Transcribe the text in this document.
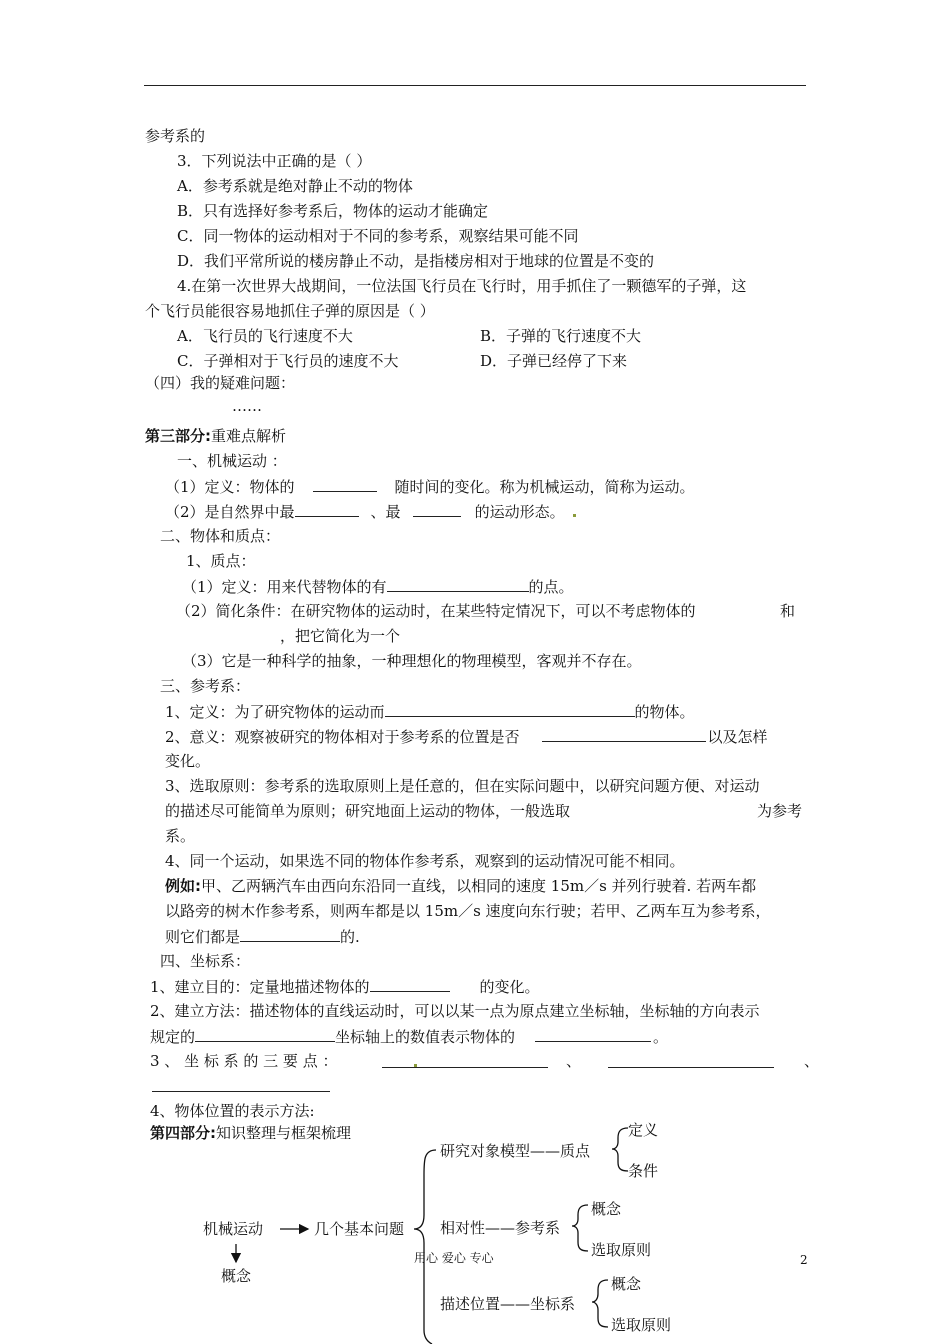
参考系的
3．下列说法中正确的是（ ）
A．参考系就是绝对静止不动的物体
B．只有选择好参考系后，物体的运动才能确定
C．同一物体的运动相对于不同的参考系，观察结果可能不同
D．我们平常所说的楼房静止不动，是指楼房相对于地球的位置是不变的
4.在第一次世界大战期间，一位法国飞行员在飞行时，用手抓住了一颗德军的子弹，这
个飞行员能很容易地抓住子弹的原因是（ ）
A．飞行员的飞行速度不大	B．子弹的飞行速度不大
C．子弹相对于飞行员的速度不大	D．子弹已经停了下来
（四）我的疑难问题：
……
第三部分:重难点解析
一、机械运动 ：
（1）定义：物体的	随时间的变化。称为机械运动，简称为运动。
（2）是自然界中最	、最	的运动形态。
二、物体和质点：
1、质点：
（1）定义：用来代替物体的有	的点。
（2）简化条件：在研究物体的运动时，在某些特定情况下，可以不考虑物体的	和
，把它简化为一个
（3）它是一种科学的抽象，一种理想化的物理模型，客观并不存在。
三、参考系：
1、定义：为了研究物体的运动而	的物体。
2、意义：观察被研究的物体相对于参考系的位置是否	以及怎样
变化。
3、选取原则：参考系的选取原则上是任意的，但在实际问题中，以研究问题方便、对运动
的描述尽可能简单为原则；研究地面上运动的物体，一般选取	为参考
系。
4、同一个运动，如果选不同的物体作参考系，观察到的运动情况可能不相同。
例如:甲、乙两辆汽车由西向东沿同一直线，以相同的速度 15m／s 并列行驶着. 若两车都
以路旁的树木作参考系，则两车都是以 15m／s 速度向东行驶；若甲、乙两车互为参考系，
则它们都是	的.
四、坐标系：
1、建立目的：定量地描述物体的	的变化。
2、建立方法：描述物体的直线运动时，可以以某一点为原点建立坐标轴，坐标轴的方向表示
规定的	坐标轴上的数值表示物体的	。
3 、 坐 标 系 的 三 要 点 ：	、	、
4、物体位置的表示方法:
第四部分:知识整理与框架梳理
机械运动
概念
几个基本问题
研究对象模型——质点
定义
条件
相对性——参考系
概念
选取原则
描述位置——坐标系
概念
选取原则
用心 爱心 专心	2
